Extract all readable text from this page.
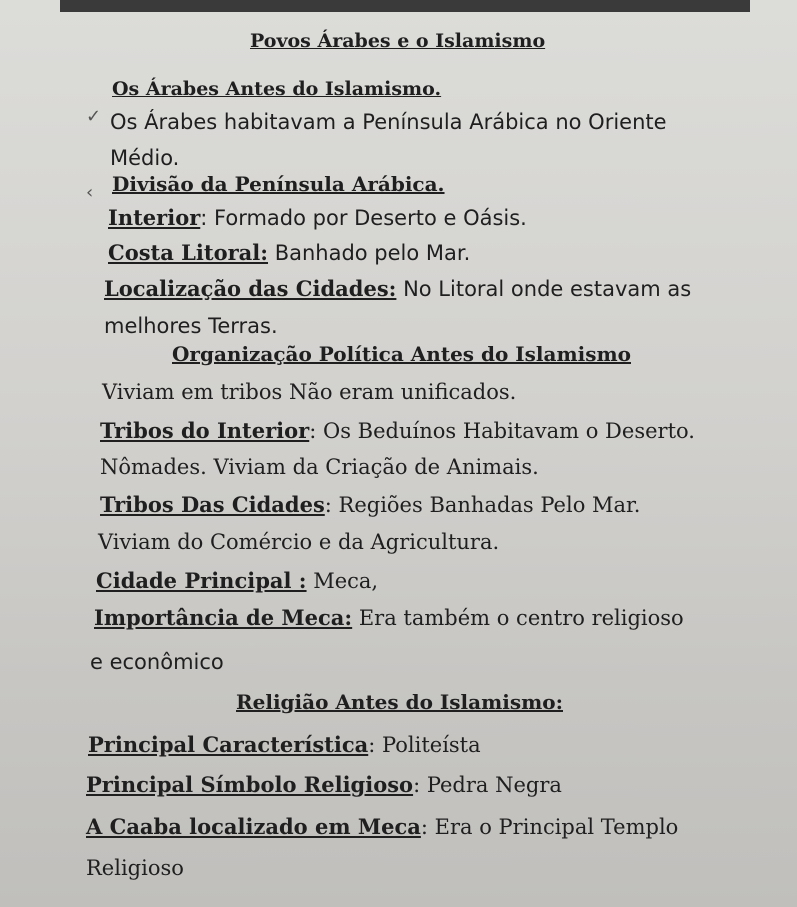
Povos Árabes e o Islamismo
Os Árabes Antes do Islamismo.
✓ Os Árabes habitavam a Península Arábica no Oriente
Médio.
‹ Divisão da Península Arábica.
Interior: Formado por Deserto e Oásis.
Costa Litoral: Banhado pelo Mar.
Localização das Cidades: No Litoral onde estavam as
melhores Terras.
Organização Política Antes do Islamismo
Viviam em tribos Não eram unificados.
Tribos do Interior: Os Beduínos Habitavam o Deserto.
Nômades. Viviam da Criação de Animais.
Tribos Das Cidades: Regiões Banhadas Pelo Mar.
Viviam do Comércio e da Agricultura.
Cidade Principal : Meca,
Importância de Meca: Era também o centro religioso
e econômico
Religião Antes do Islamismo:
Principal Característica: Politeísta
Principal Símbolo Religioso: Pedra Negra
A Caaba localizado em Meca: Era o Principal Templo
Religioso
